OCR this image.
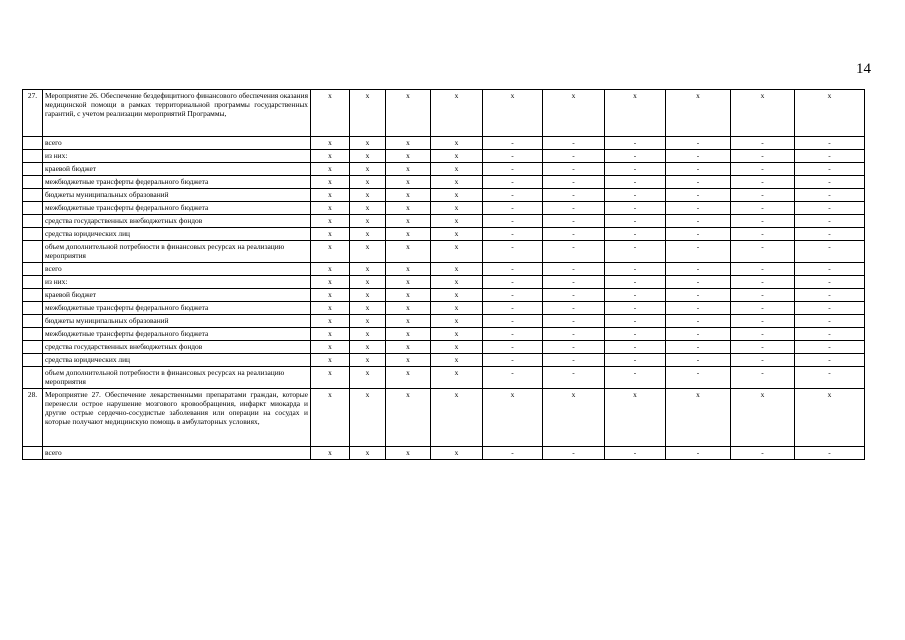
14
27.	Мероприятие 26. Обеспечение бездефицитного финансового обеспечения оказания медицинской помощи в рамках территориальной программы государственных гарантий, с учетом реализации мероприятий Программы,	х	х	х	х	х	х	х	х	х	х
	всего	х	х	х	х	-	-	-	-	-	-
	из них:	х	х	х	х	-	-	-	-	-	-
	краевой бюджет	х	х	х	х	-	-	-	-	-	-
	межбюджетные трансферты федерального бюджета	х	х	х	х	-	-	-	-	-	-
	бюджеты муниципальных образований	х	х	х	х	-	-	-	-	-	-
	межбюджетные трансферты федерального бюджета	х	х	х	х	-	-	-	-	-	-
	средства государственных внебюджетных фондов	х	х	х	х	-	-	-	-	-	-
	средства юридических лиц	х	х	х	х	-	-	-	-	-	-
	объем дополнительной потребности в финансовых ресурсах на реализацию мероприятия	х	х	х	х	-	-	-	-	-	-
	всего	х	х	х	х	-	-	-	-	-	-
	из них:	х	х	х	х	-	-	-	-	-	-
	краевой бюджет	х	х	х	х	-	-	-	-	-	-
	межбюджетные трансферты федерального бюджета	х	х	х	х	-	-	-	-	-	-
	бюджеты муниципальных образований	х	х	х	х	-	-	-	-	-	-
	межбюджетные трансферты федерального бюджета	х	х	х	х	-	-	-	-	-	-
	средства государственных внебюджетных фондов	х	х	х	х	-	-	-	-	-	-
	средства юридических лиц	х	х	х	х	-	-	-	-	-	-
	объем дополнительной потребности в финансовых ресурсах на реализацию мероприятия	х	х	х	х	-	-	-	-	-	-
28.	Мероприятие 27. Обеспечение лекарственными препаратами граждан, которые перенесли острое нарушение мозгового кровообращения, инфаркт миокарда и другие острые сердечно-сосудистые заболевания или операции на сосудах и которые получают медицинскую помощь в амбулаторных условиях,	х	х	х	х	х	х	х	х	х	х
	всего	х	х	х	х	-	-	-	-	-	-
